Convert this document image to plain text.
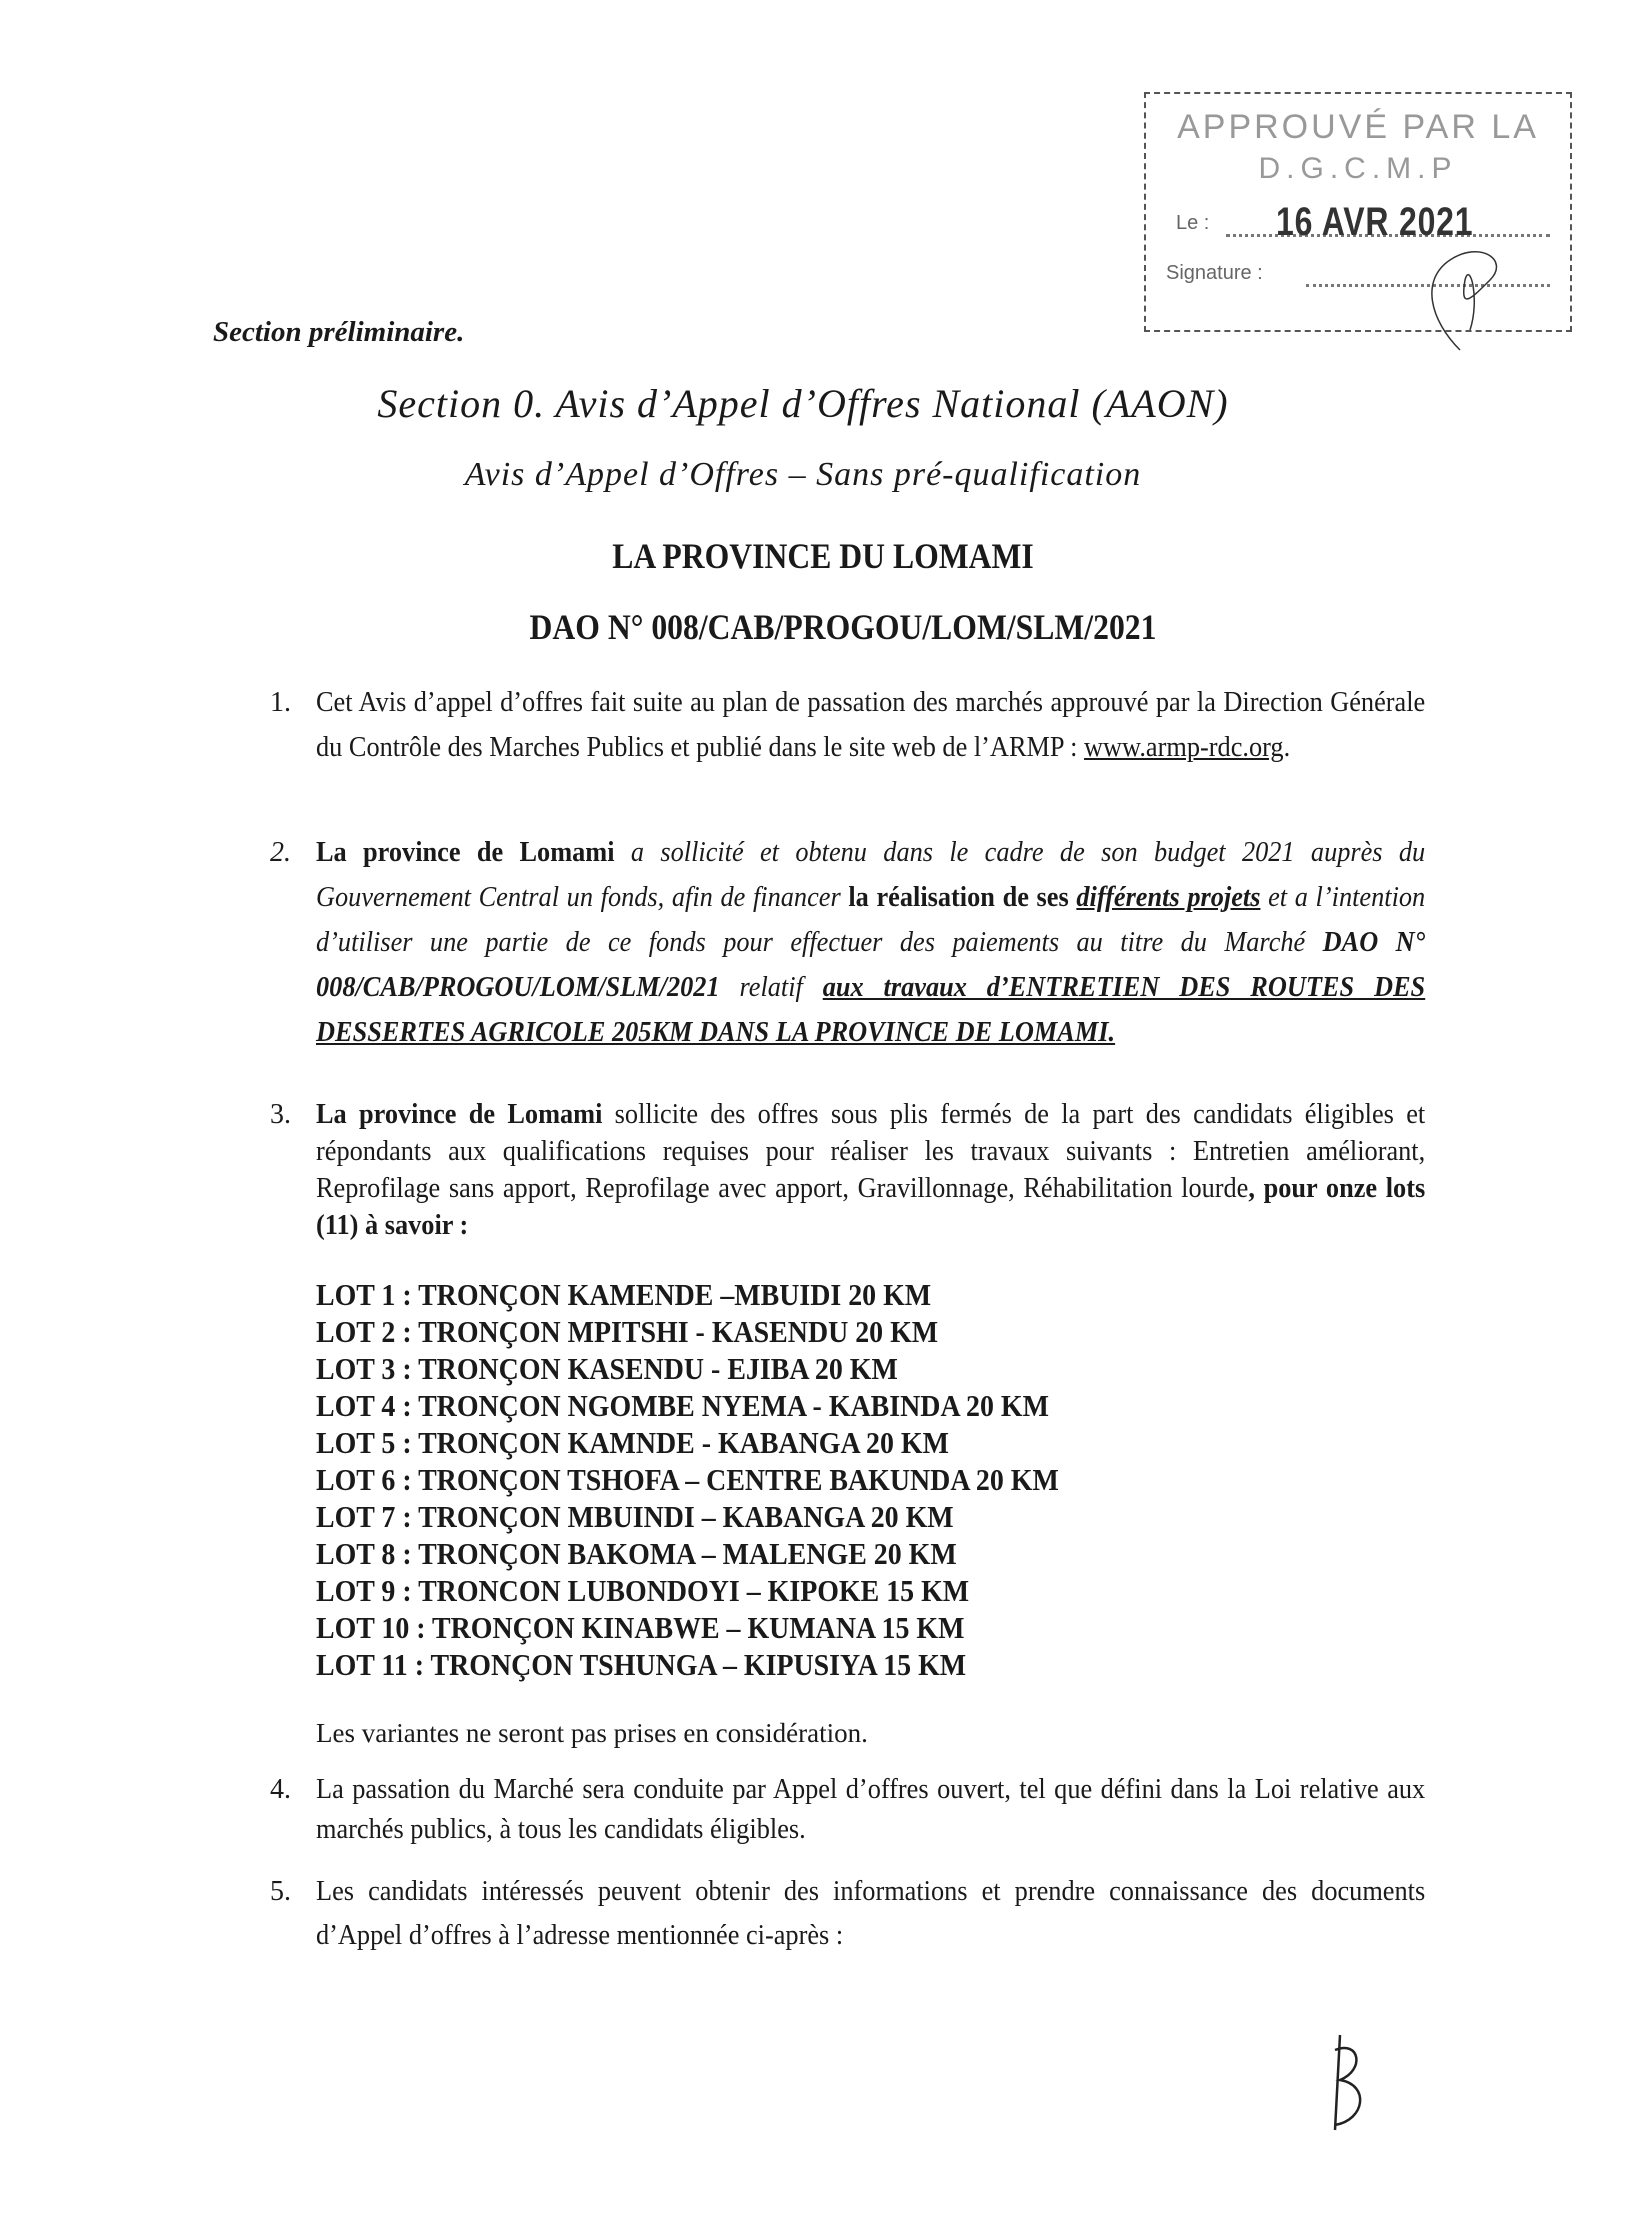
APPROUVÉ PAR LA
D.G.C.M.P
Le : 16 AVR 2021
Signature :
Section préliminaire.
Section 0. Avis d’Appel d’Offres National (AAON)
Avis d’Appel d’Offres – Sans pré-qualification
LA PROVINCE DU LOMAMI
DAO N° 008/CAB/PROGOU/LOM/SLM/2021
1. Cet Avis d’appel d’offres fait suite au plan de passation des marchés approuvé par la Direction Générale du Contrôle des Marches Publics et publié dans le site web de l’ARMP : www.armp-rdc.org.
2. La province de Lomami a sollicité et obtenu dans le cadre de son budget 2021 auprès du Gouvernement Central un fonds, afin de financer la réalisation de ses différents projets et a l’intention d’utiliser une partie de ce fonds pour effectuer des paiements au titre du Marché DAO N° 008/CAB/PROGOU/LOM/SLM/2021 relatif aux travaux d’ENTRETIEN DES ROUTES DES DESSERTES AGRICOLE 205KM DANS LA PROVINCE DE LOMAMI.
3. La province de Lomami sollicite des offres sous plis fermés de la part des candidats éligibles et répondants aux qualifications requises pour réaliser les travaux suivants : Entretien améliorant, Reprofilage sans apport, Reprofilage avec apport, Gravillonnage, Réhabilitation lourde, pour onze lots (11) à savoir :
LOT 1 : TRONÇON KAMENDE –MBUIDI 20 KM
LOT 2 : TRONÇON MPITSHI - KASENDU 20 KM
LOT 3 : TRONÇON KASENDU - EJIBA 20 KM
LOT 4 : TRONÇON NGOMBE NYEMA - KABINDA 20 KM
LOT 5 : TRONÇON KAMNDE - KABANGA 20 KM
LOT 6 : TRONÇON TSHOFA – CENTRE BAKUNDA 20 KM
LOT 7 : TRONÇON MBUINDI – KABANGA 20 KM
LOT 8 : TRONÇON BAKOMA – MALENGE 20 KM
LOT 9 : TRONCON LUBONDOYI – KIPOKE 15 KM
LOT 10 : TRONÇON KINABWE – KUMANA 15 KM
LOT 11 : TRONÇON TSHUNGA – KIPUSIYA 15 KM
Les variantes ne seront pas prises en considération.
4. La passation du Marché sera conduite par Appel d’offres ouvert, tel que défini dans la Loi relative aux marchés publics, à tous les candidats éligibles.
5. Les candidats intéressés peuvent obtenir des informations et prendre connaissance des documents d’Appel d’offres à l’adresse mentionnée ci-après :
